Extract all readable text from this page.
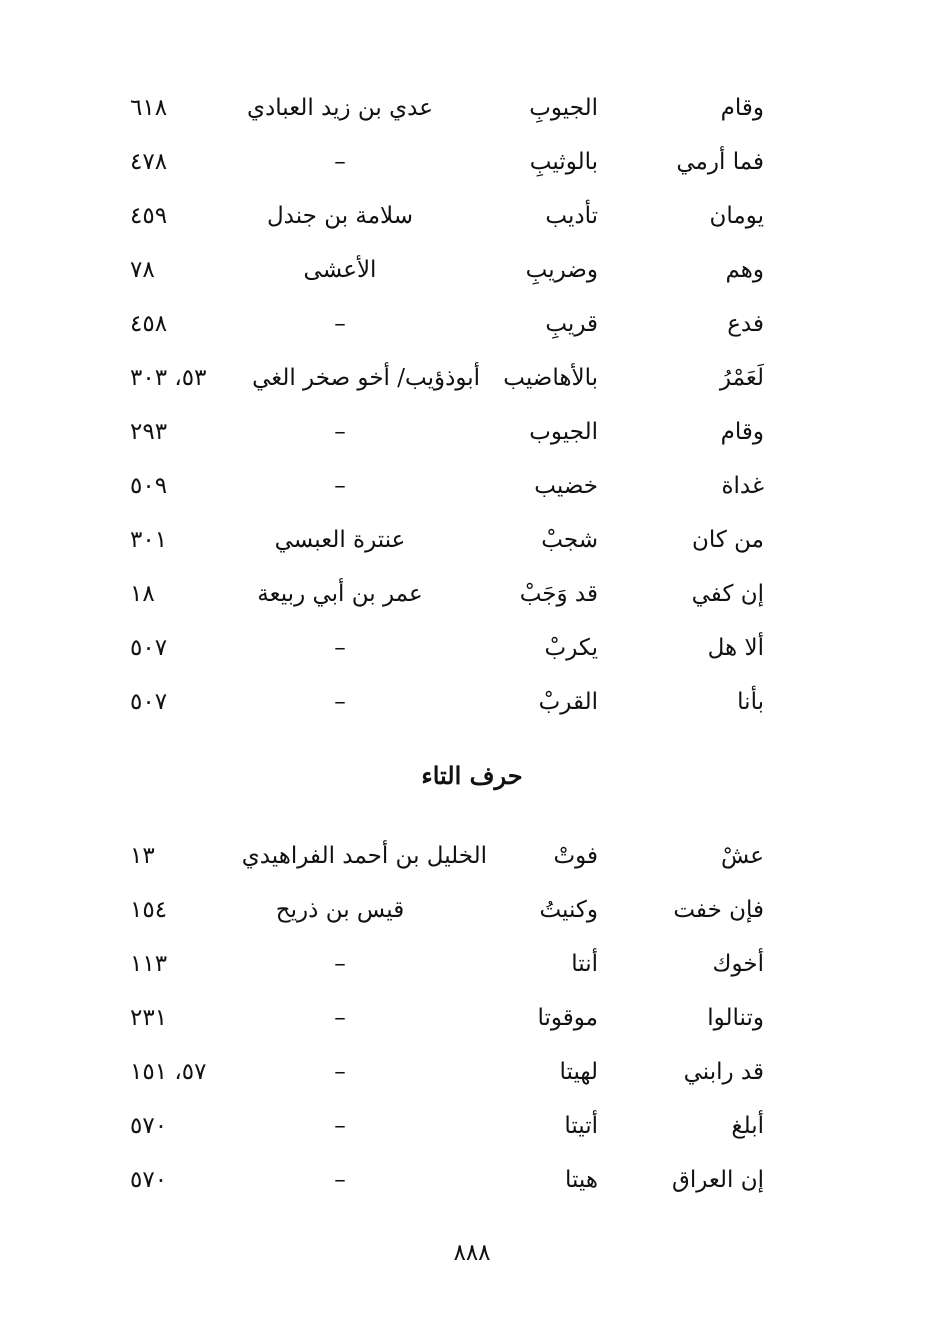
وقام
الجيوبِ
عدي بن زيد العبادي
٦١٨
فما أرمي
بالوثيبِ
–
٤٧٨
يومان
تأديب
سلامة بن جندل
٤٥٩
وهم
وضريبِ
الأعشى
٧٨
فدع
قريبِ
–
٤٥٨
لَعَمْرُ
بالأهاضيب
أبوذؤيب/ أخو صخر الغي
٥٣، ٣٠٣
وقام
الجيوب
–
٢٩٣
غداة
خضيب
–
٥٠٩
من كان
شجبْ
عنترة العبسي
٣٠١
إن كفي
قد وَجَبْ
عمر بن أبي ربيعة
١٨
ألا هل
يكربْ
–
٥٠٧
بأنا
القربْ
–
٥٠٧
حرف التاء
عشْ
فوتْ
الخليل بن أحمد الفراهيدي
١٣
فإن خفت
وكنيتُ
قيس بن ذريح
١٥٤
أخوك
أنتا
–
١١٣
وتنالوا
موقوتا
–
٢٣١
قد رابني
لهيتا
–
٥٧، ١٥١
أبلغ
أتيتا
–
٥٧٠
إن العراق
هيتا
–
٥٧٠
٨٨٨
